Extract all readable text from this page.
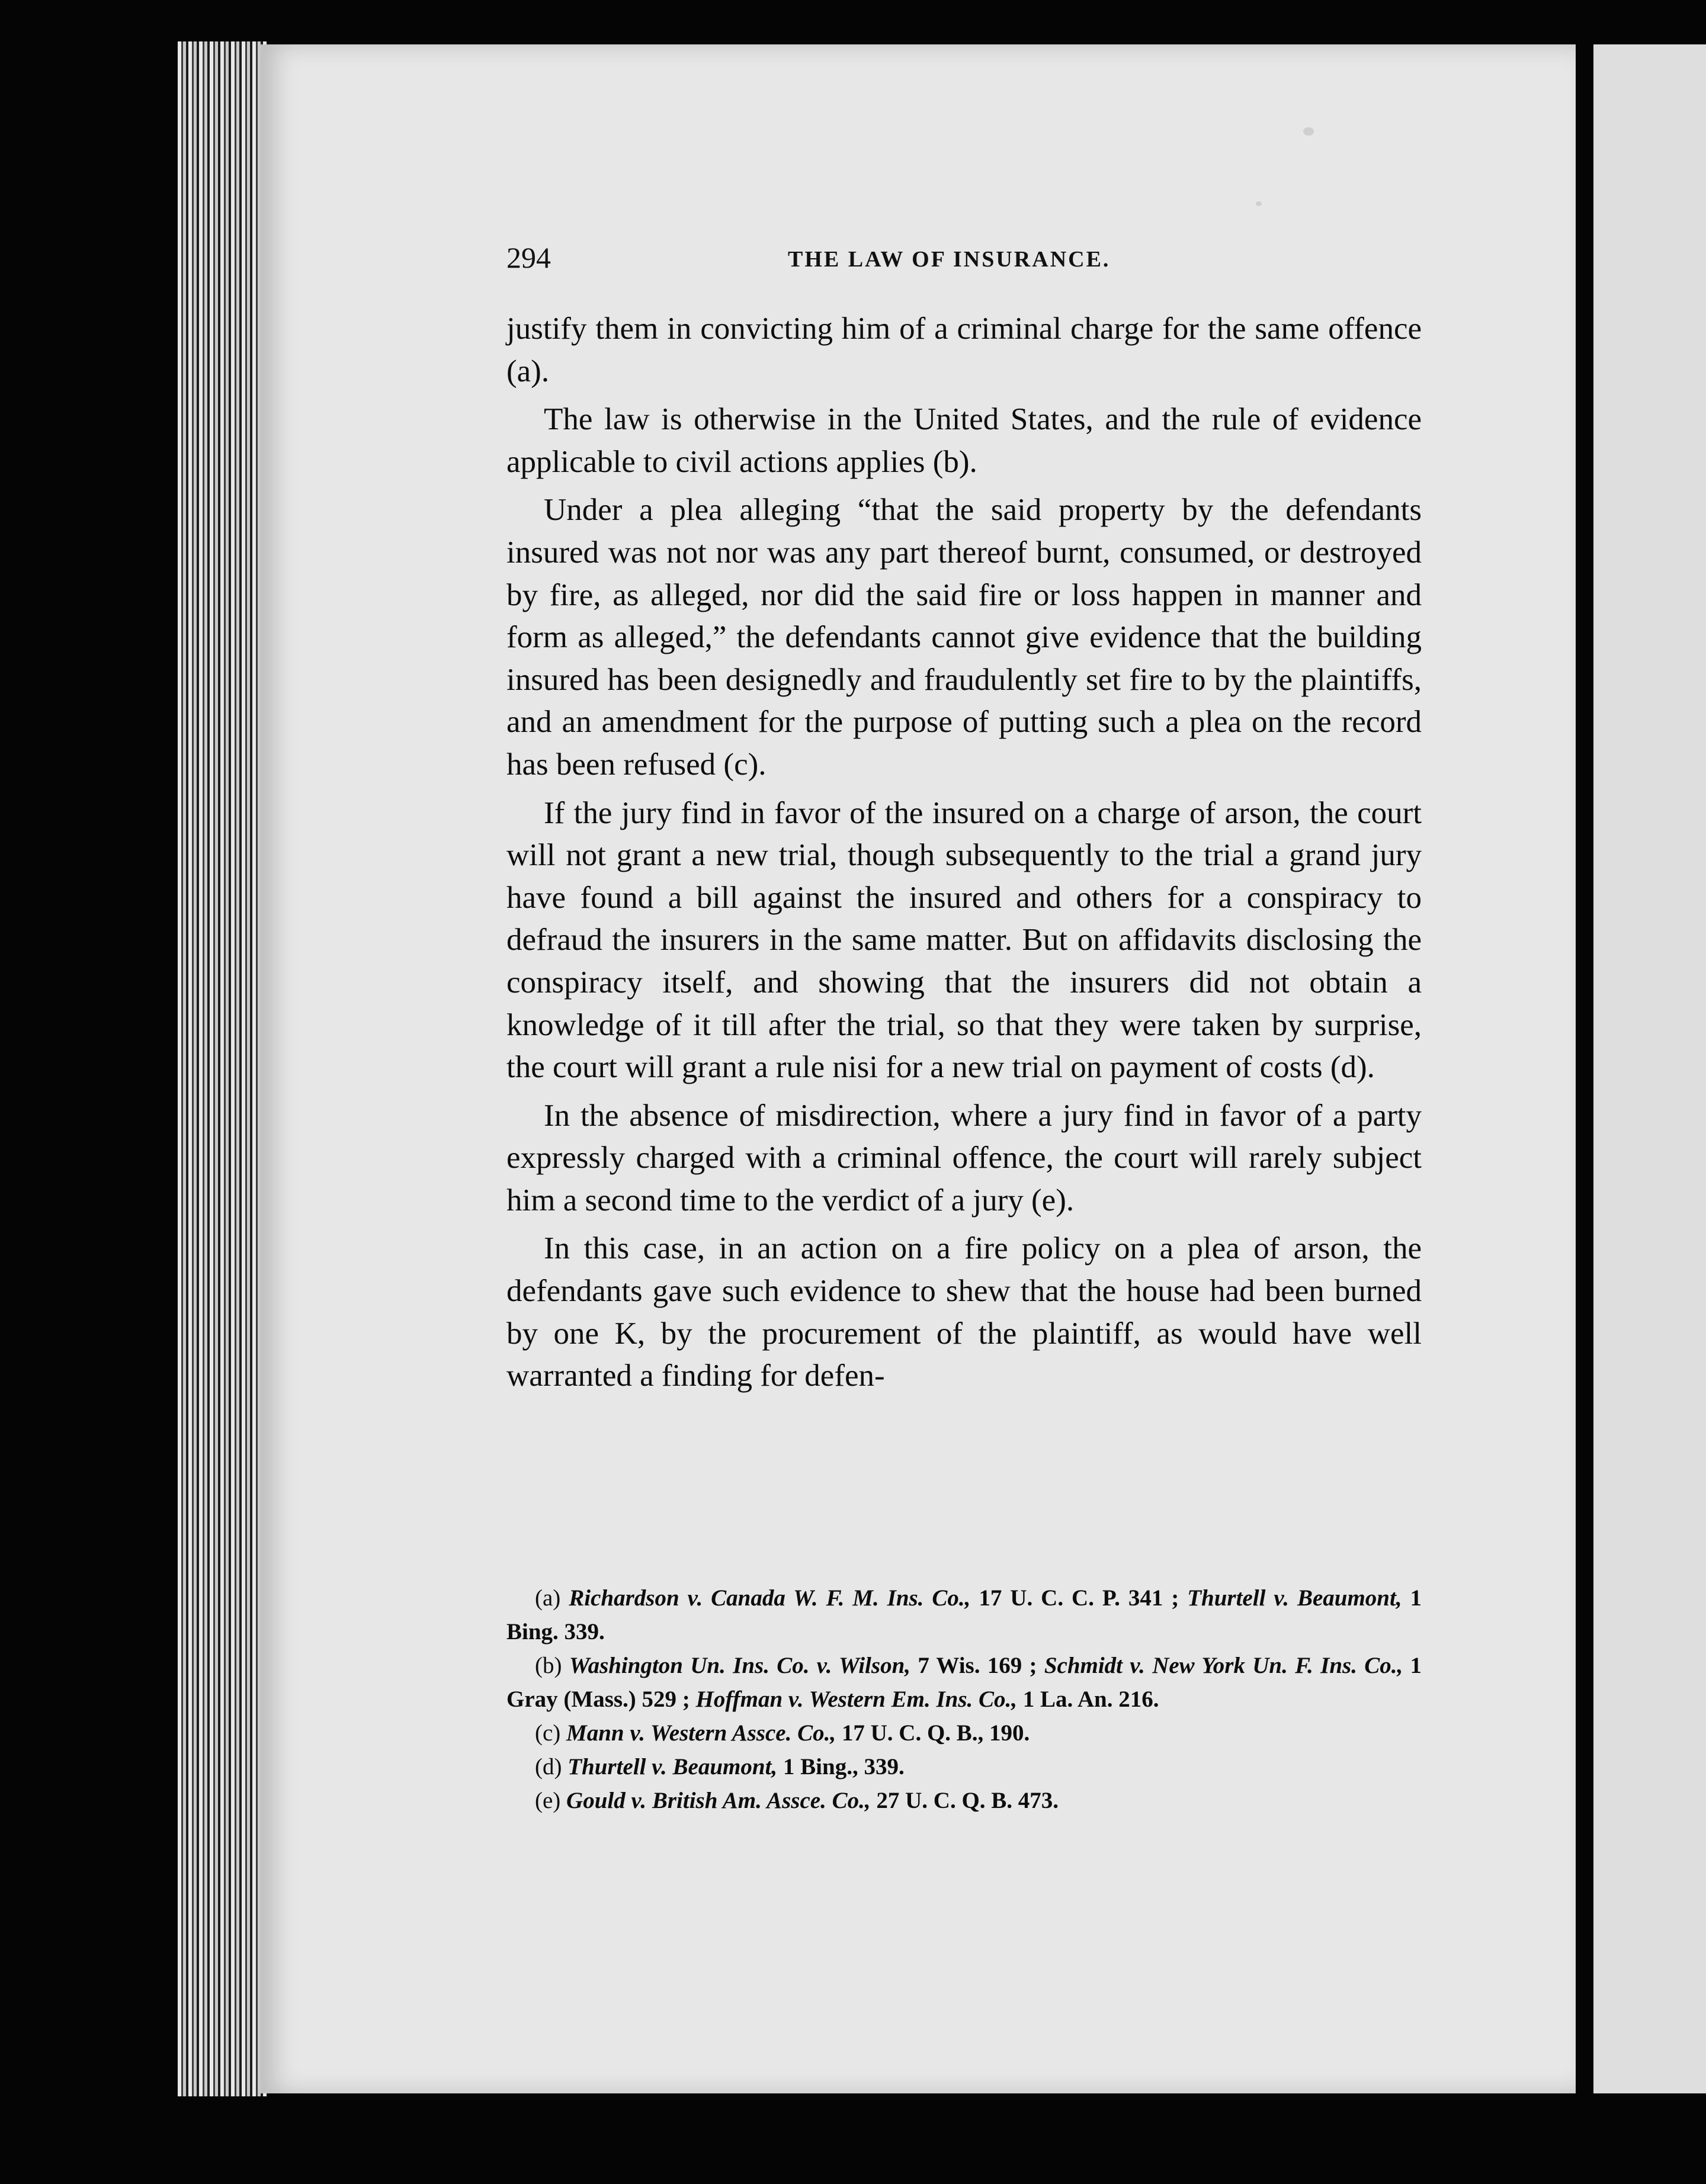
294	THE LAW OF INSURANCE.

justify them in convicting him of a criminal charge for the same offence (a).

The law is otherwise in the United States, and the rule of evidence applicable to civil actions applies (b).

Under a plea alleging “that the said property by the defendants insured was not nor was any part thereof burnt, consumed, or destroyed by fire, as alleged, nor did the said fire or loss happen in manner and form as alleged,” the defendants cannot give evidence that the building insured has been designedly and fraudulently set fire to by the plaintiffs, and an amendment for the purpose of putting such a plea on the record has been refused (c).

If the jury find in favor of the insured on a charge of arson, the court will not grant a new trial, though subsequently to the trial a grand jury have found a bill against the insured and others for a conspiracy to defraud the insurers in the same matter. But on affidavits disclosing the conspiracy itself, and showing that the insurers did not obtain a knowledge of it till after the trial, so that they were taken by surprise, the court will grant a rule nisi for a new trial on payment of costs (d).

In the absence of misdirection, where a jury find in favor of a party expressly charged with a criminal offence, the court will rarely subject him a second time to the verdict of a jury (e).

In this case, in an action on a fire policy on a plea of arson, the defendants gave such evidence to shew that the house had been burned by one K, by the procurement of the plaintiff, as would have well warranted a finding for defen-

(a) Richardson v. Canada W. F. M. Ins. Co., 17 U. C. C. P. 341 ; Thurtell v. Beaumont, 1 Bing. 339.

(b) Washington Un. Ins. Co. v. Wilson, 7 Wis. 169 ; Schmidt v. New York Un. F. Ins. Co., 1 Gray (Mass.) 529 ; Hoffman v. Western Em. Ins. Co., 1 La. An. 216.

(c) Mann v. Western Assce. Co., 17 U. C. Q. B., 190.

(d) Thurtell v. Beaumont, 1 Bing., 339.

(e) Gould v. British Am. Assce. Co., 27 U. C. Q. B. 473.
